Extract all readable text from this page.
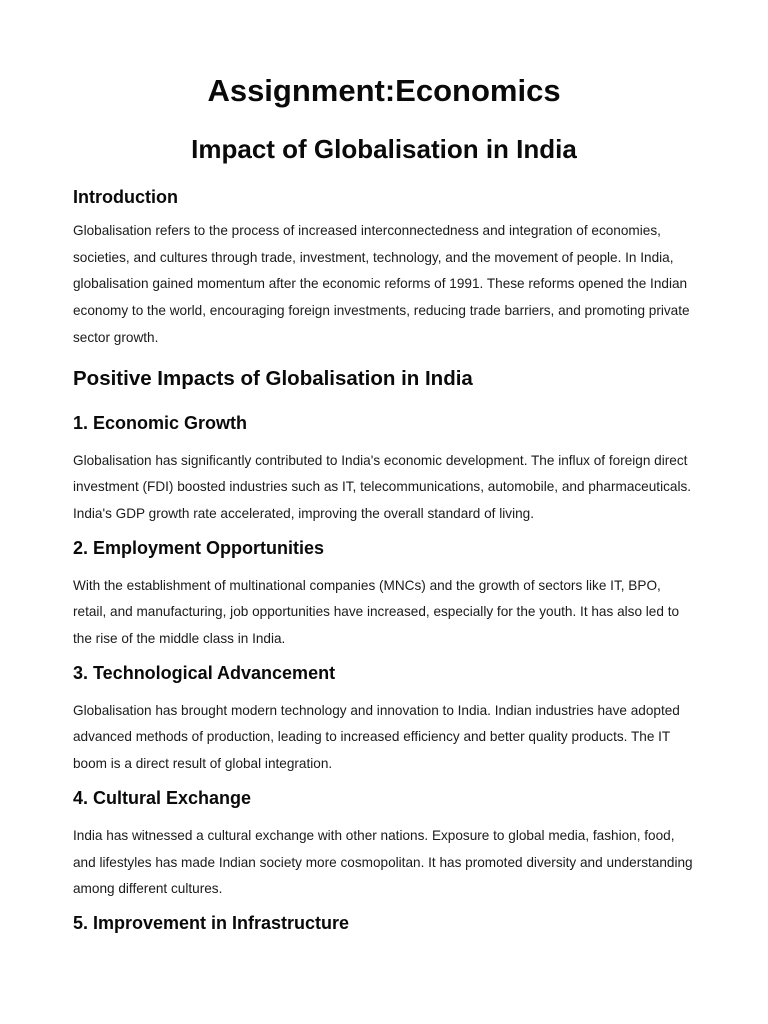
Assignment:Economics
Impact of Globalisation in India
Introduction

Globalisation refers to the process of increased interconnectedness and integration of economies, societies, and cultures through trade, investment, technology, and the movement of people. In India, globalisation gained momentum after the economic reforms of 1991. These reforms opened the Indian economy to the world, encouraging foreign investments, reducing trade barriers, and promoting private sector growth.

Positive Impacts of Globalisation in India
1. Economic Growth

Globalisation has significantly contributed to India's economic development. The influx of foreign direct investment (FDI) boosted industries such as IT, telecommunications, automobile, and pharmaceuticals. India's GDP growth rate accelerated, improving the overall standard of living.

2. Employment Opportunities

With the establishment of multinational companies (MNCs) and the growth of sectors like IT, BPO, retail, and manufacturing, job opportunities have increased, especially for the youth. It has also led to the rise of the middle class in India.

3. Technological Advancement

Globalisation has brought modern technology and innovation to India. Indian industries have adopted advanced methods of production, leading to increased efficiency and better quality products. The IT boom is a direct result of global integration.

4. Cultural Exchange

India has witnessed a cultural exchange with other nations. Exposure to global media, fashion, food, and lifestyles has made Indian society more cosmopolitan. It has promoted diversity and understanding among different cultures.

5. Improvement in Infrastructure
